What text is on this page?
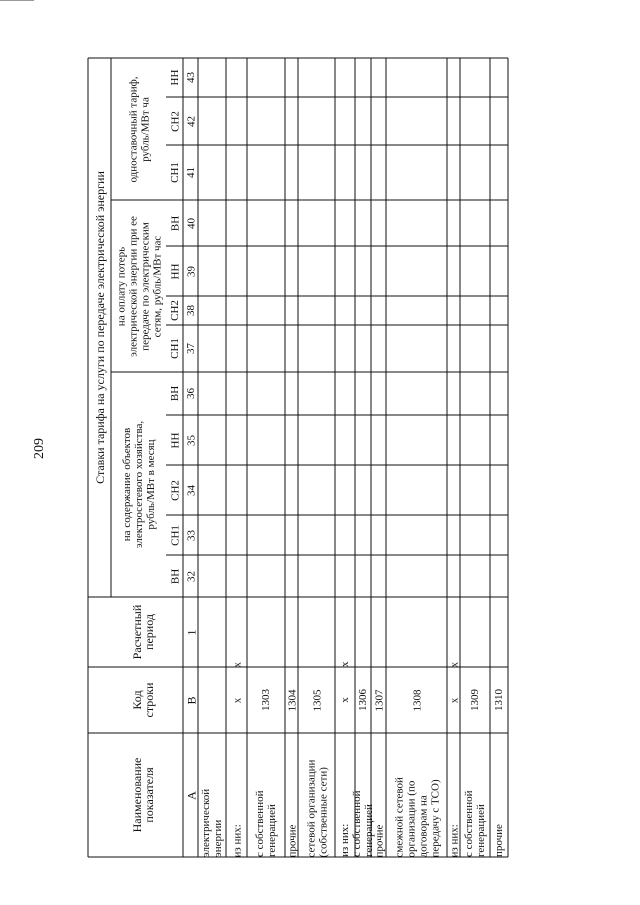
209	Ставки тарифа на услуги по передаче электрической энергии
одноставочный тариф, рубль/МВт ча
на оплату потерь электрической энергии при ее передаче по электрическим сетям, рубль/МВт час
на содержание объектов электросетевого хозяйства, рубль/МВт в месяц
Расчетный
период
Код
строки
Наименование
показателя
НН 43
СН2 42
СН1 41
ВН 40
НН 39
СН2 38
СН1 37
ВН 36
НН 35
СН2 34
СН1 33
ВН 32
А
В
1
электрической энергии из них:
х
х
с собственной генерацией
1303
прочие
1304
сетевой организации (собственные сети)
1305
из них:
х
х
с собственной генерацией
1306
прочие
1307
смежной сетевой организации (по договорам на передачу с ТСО)
1308
из них:
х
х
с собственной генерацией
1309
прочие
1310
